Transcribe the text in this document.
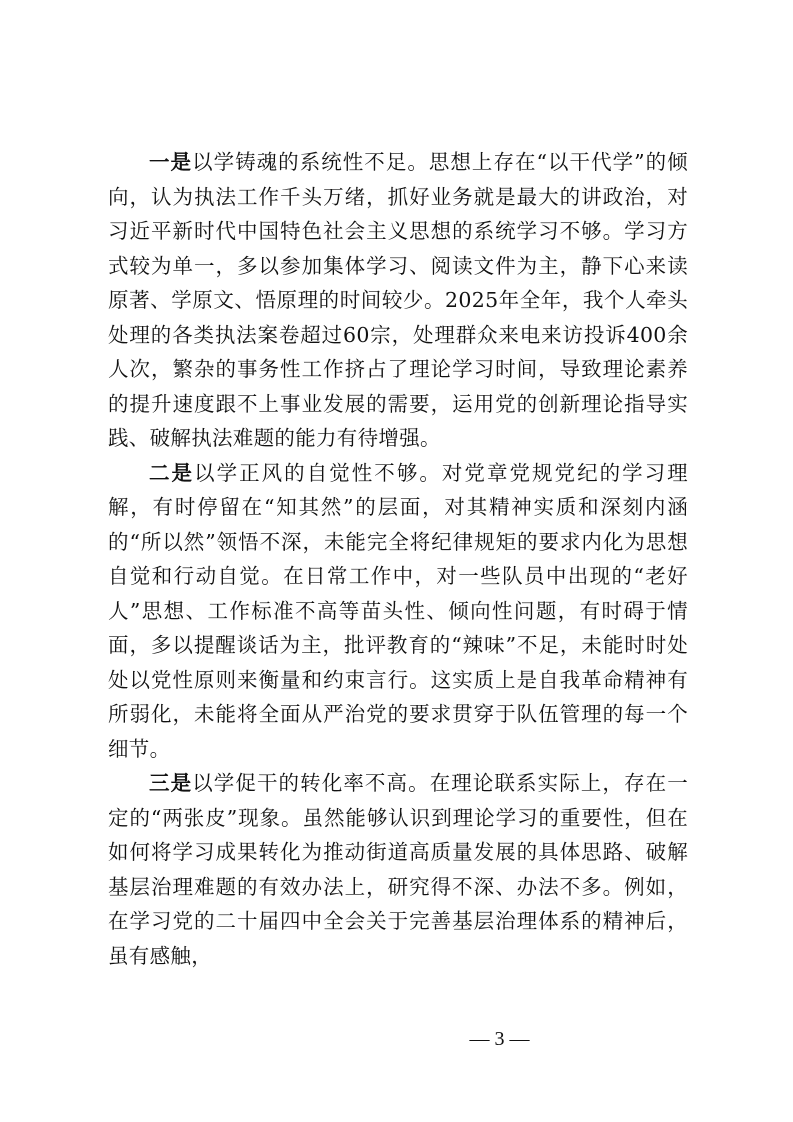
一是以学铸魂的系统性不足。思想上存在“以干代学”的倾向，认为执法工作千头万绪，抓好业务就是最大的讲政治，对习近平新时代中国特色社会主义思想的系统学习不够。学习方式较为单一，多以参加集体学习、阅读文件为主，静下心来读原著、学原文、悟原理的时间较少。2025年全年，我个人牵头处理的各类执法案卷超过60宗，处理群众来电来访投诉400余人次，繁杂的事务性工作挤占了理论学习时间，导致理论素养的提升速度跟不上事业发展的需要，运用党的创新理论指导实践、破解执法难题的能力有待增强。

二是以学正风的自觉性不够。对党章党规党纪的学习理解，有时停留在“知其然”的层面，对其精神实质和深刻内涵的“所以然”领悟不深，未能完全将纪律规矩的要求内化为思想自觉和行动自觉。在日常工作中，对一些队员中出现的“老好人”思想、工作标准不高等苗头性、倾向性问题，有时碍于情面，多以提醒谈话为主，批评教育的“辣味”不足，未能时时处处以党性原则来衡量和约束言行。这实质上是自我革命精神有所弱化，未能将全面从严治党的要求贯穿于队伍管理的每一个细节。

三是以学促干的转化率不高。在理论联系实际上，存在一定的“两张皮”现象。虽然能够认识到理论学习的重要性，但在如何将学习成果转化为推动街道高质量发展的具体思路、破解基层治理难题的有效办法上，研究得不深、办法不多。例如，在学习党的二十届四中全会关于完善基层治理体系的精神后，虽有感触，

— 3 —
